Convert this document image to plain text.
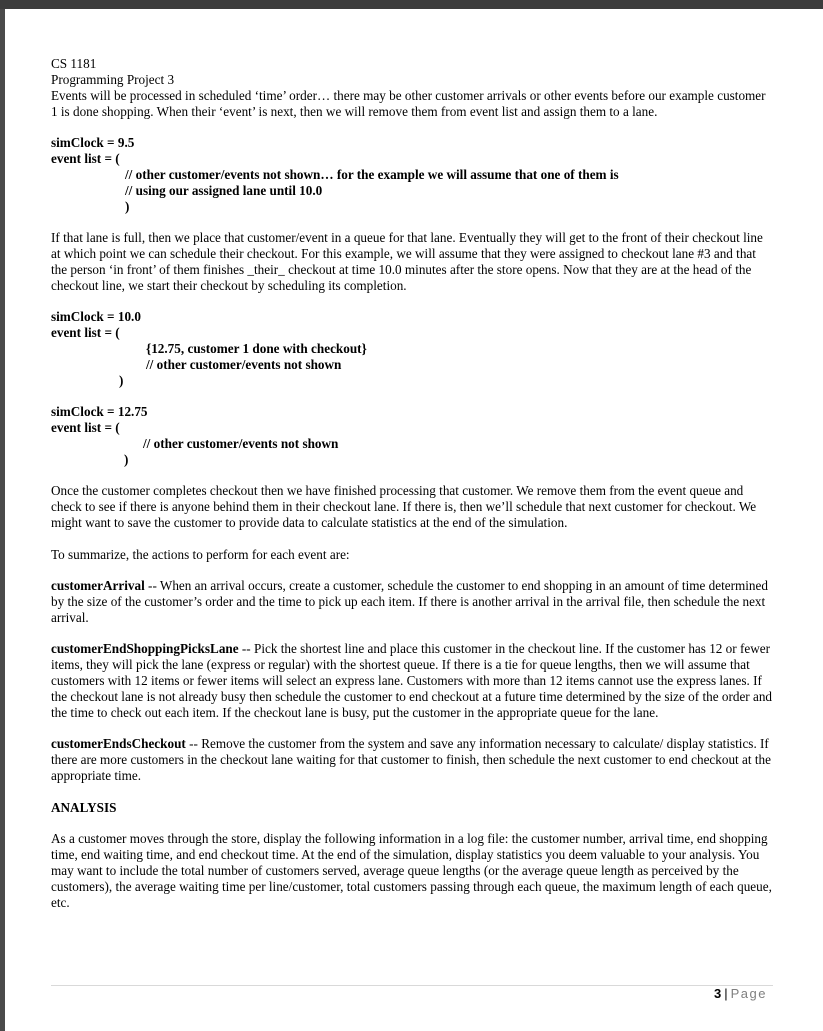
CS 1181

Programming Project 3

Events will be processed in scheduled ‘time’ order… there may be other customer arrivals or other events before our example customer 1 is done shopping. When their ‘event’ is next, then we will remove them from event list and assign them to a lane.

simClock = 9.5

event list = (

// other customer/events not shown… for the example we will assume that one of them is

// using our assigned lane until 10.0

)

If that lane is full, then we place that customer/event in a queue for that lane. Eventually they will get to the front of their checkout line at which point we can schedule their checkout. For this example, we will assume that they were assigned to checkout lane #3 and that the person ‘in front’ of them finishes _their_ checkout at time 10.0 minutes after the store opens. Now that they are at the head of the checkout line, we start their checkout by scheduling its completion.

simClock = 10.0

event list = (

{12.75, customer 1 done with checkout}

// other customer/events not shown

)

simClock = 12.75

event list = (

// other customer/events not shown

)

Once the customer completes checkout then we have finished processing that customer. We remove them from the event queue and check to see if there is anyone behind them in their checkout lane. If there is, then we’ll schedule that next customer for checkout. We might want to save the customer to provide data to calculate statistics at the end of the simulation.

To summarize, the actions to perform for each event are:

customerArrival -- When an arrival occurs, create a customer, schedule the customer to end shopping in an amount of time determined by the size of the customer’s order and the time to pick up each item. If there is another arrival in the arrival file, then schedule the next arrival.

customerEndShoppingPicksLane -- Pick the shortest line and place this customer in the checkout line. If the customer has 12 or fewer items, they will pick the lane (express or regular) with the shortest queue. If there is a tie for queue lengths, then we will assume that customers with 12 items or fewer items will select an express lane. Customers with more than 12 items cannot use the express lanes. If the checkout lane is not already busy then schedule the customer to end checkout at a future time determined by the size of the order and the time to check out each item. If the checkout lane is busy, put the customer in the appropriate queue for the lane.

customerEndsCheckout -- Remove the customer from the system and save any information necessary to calculate/ display statistics. If there are more customers in the checkout lane waiting for that customer to finish, then schedule the next customer to end checkout at the appropriate time.

ANALYSIS

As a customer moves through the store, display the following information in a log file: the customer number, arrival time, end shopping time, end waiting time, and end checkout time. At the end of the simulation, display statistics you deem valuable to your analysis. You may want to include the total number of customers served, average queue lengths (or the average queue length as perceived by the customers), the average waiting time per line/customer, total customers passing through each queue, the maximum length of each queue, etc.

3 | Page
